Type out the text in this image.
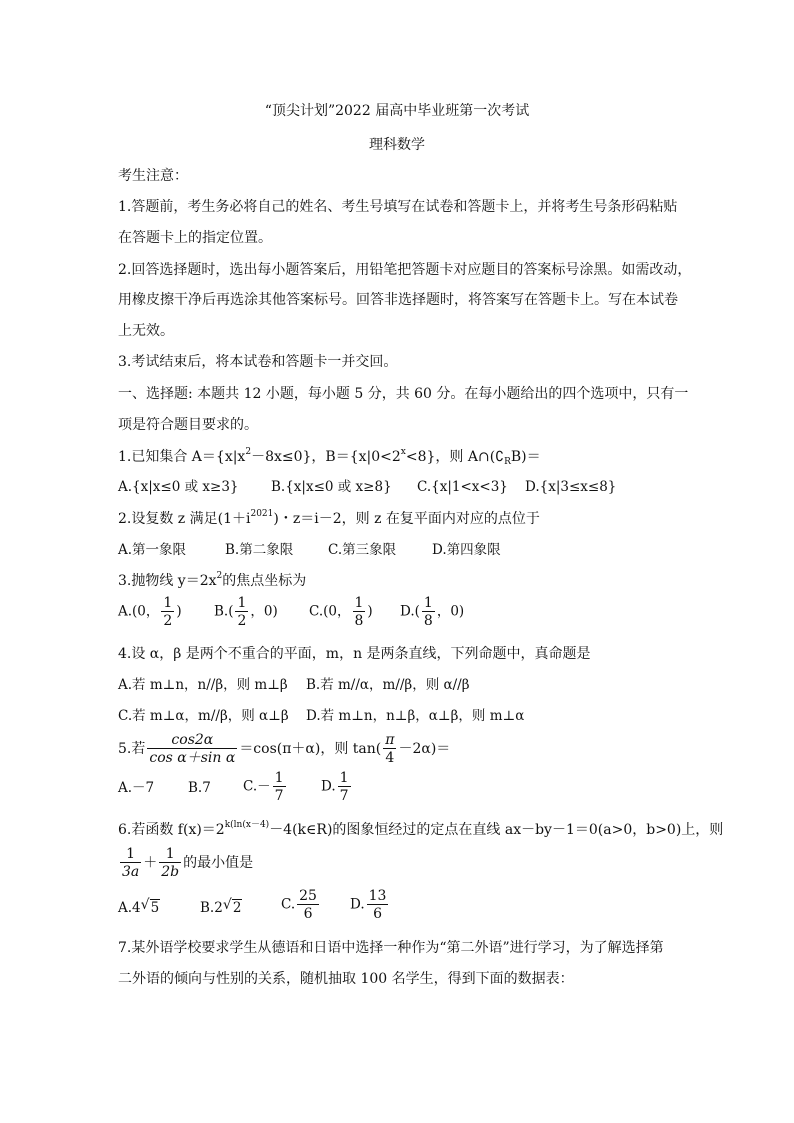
“顶尖计划”2022 届高中毕业班第一次考试
理科数学
考生注意：
1.答题前，考生务必将自己的姓名、考生号填写在试卷和答题卡上，并将考生号条形码粘贴
在答题卡上的指定位置。
2.回答选择题时，选出每小题答案后，用铅笔把答题卡对应题目的答案标号涂黑。如需改动，
用橡皮擦干净后再选涂其他答案标号。回答非选择题时，将答案写在答题卡上。写在本试卷
上无效。
3.考试结束后，将本试卷和答题卡一并交回。
一、选择题: 本题共 12 小题，每小题 5 分，共 60 分。在每小题给出的四个选项中，只有一
项是符合题目要求的。
1.已知集合 $A=\{x|x^2-8x\le 0\}$，$B=\{x|0<2^x<8\}$，则 $A\cap(∁_RB)=$
A.{x|x≤0 或 x≥3} B.{x|x≤0 或 x≥8} C.{x|1<x<3} D.{x|3≤x≤8}
2.设复数 z 满足$(1+i^{2021})$・z＝i－2，则 z 在复平面内对应的点位于
A.第一象限	B.第二象限	C.第三象限	D.第四象限
3.抛物线 $y=2x^2$的焦点坐标为
A.(0， $\frac{1}{2}$ ) $B.( \frac{1}{2}$ ，0) C.(0， $\frac{1}{8}$ ) $D.( \frac{1}{8}$ ，0)
4.设 α，β 是两个不重合的平面，m，n 是两条直线，下列命题中，真命题是
A.若 m⊥n，n//β，则 m⊥β B.若 m//α，m//β，则 α//β
C.若 m⊥α，m//β，则 α⊥β D.若 m⊥n，n⊥β，α⊥β，则 m⊥α
5.若 $\frac{\cos 2\alpha}{\text{cos α＋sin α}} =\cos(\pi+\alpha)$，则 $\tan( \frac{\pi}{4} -2\alpha)=$
A.－7	B.7 $C.- \frac{1}{7}$	D. $\frac{1}{7}$
6.若函数 $f(x)=2^{k(ln(x-4)}-4(k\in R)$的图象恒经过的定点在直线 ax－by－1＝0(a>0，b>0)上，则
$\frac{1}{3a} + \frac{1}{2b}$ 的最小值是
A.4 √ 5	B.2 √ 2	C. $\frac{25}{6} D$. $\frac{13}{6}$
7.某外语学校要求学生从德语和日语中选择一种作为“第二外语”进行学习，为了解选择第
二外语的倾向与性别的关系，随机抽取 100 名学生，得到下面的数据表：
